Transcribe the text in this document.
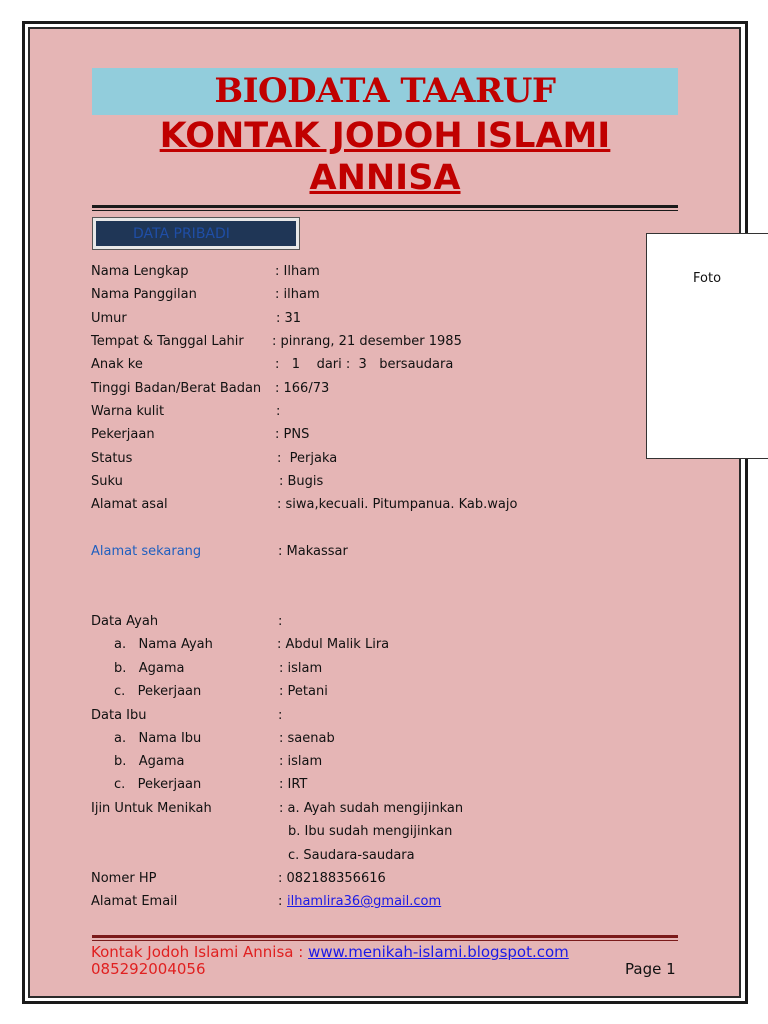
BIODATA TAARUF
KONTAK JODOH ISLAMI
ANNISA
DATA PRIBADI
Foto
Nama Lengkap	: Ilham
Nama Panggilan	: ilham
Umur	: 31
Tempat & Tanggal Lahir : pinrang, 21 desember 1985
Anak ke	:   1    dari :  3   bersaudara
Tinggi Badan/Berat Badan : 166/73
Warna kulit	:
Pekerjaan	: PNS
Status	:  Perjaka
Suku	: Bugis
Alamat asal	: siwa,kecuali. Pitumpanua. Kab.wajo
Alamat sekarang	: Makassar
Data Ayah	:
a.   Nama Ayah	: Abdul Malik Lira
b.   Agama	: islam
c.   Pekerjaan	: Petani
Data Ibu	:
a.   Nama Ibu	: saenab
b.   Agama	: islam
c.   Pekerjaan	: IRT
Ijin Untuk Menikah	: a. Ayah sudah mengijinkan
b. Ibu sudah mengijinkan
c. Saudara-saudara
Nomer HP	: 082188356616
Alamat Email	: ilhamlira36@gmail.com
Kontak Jodoh Islami Annisa : www.menikah-islami.blogspot.com
085292004056	Page 1
